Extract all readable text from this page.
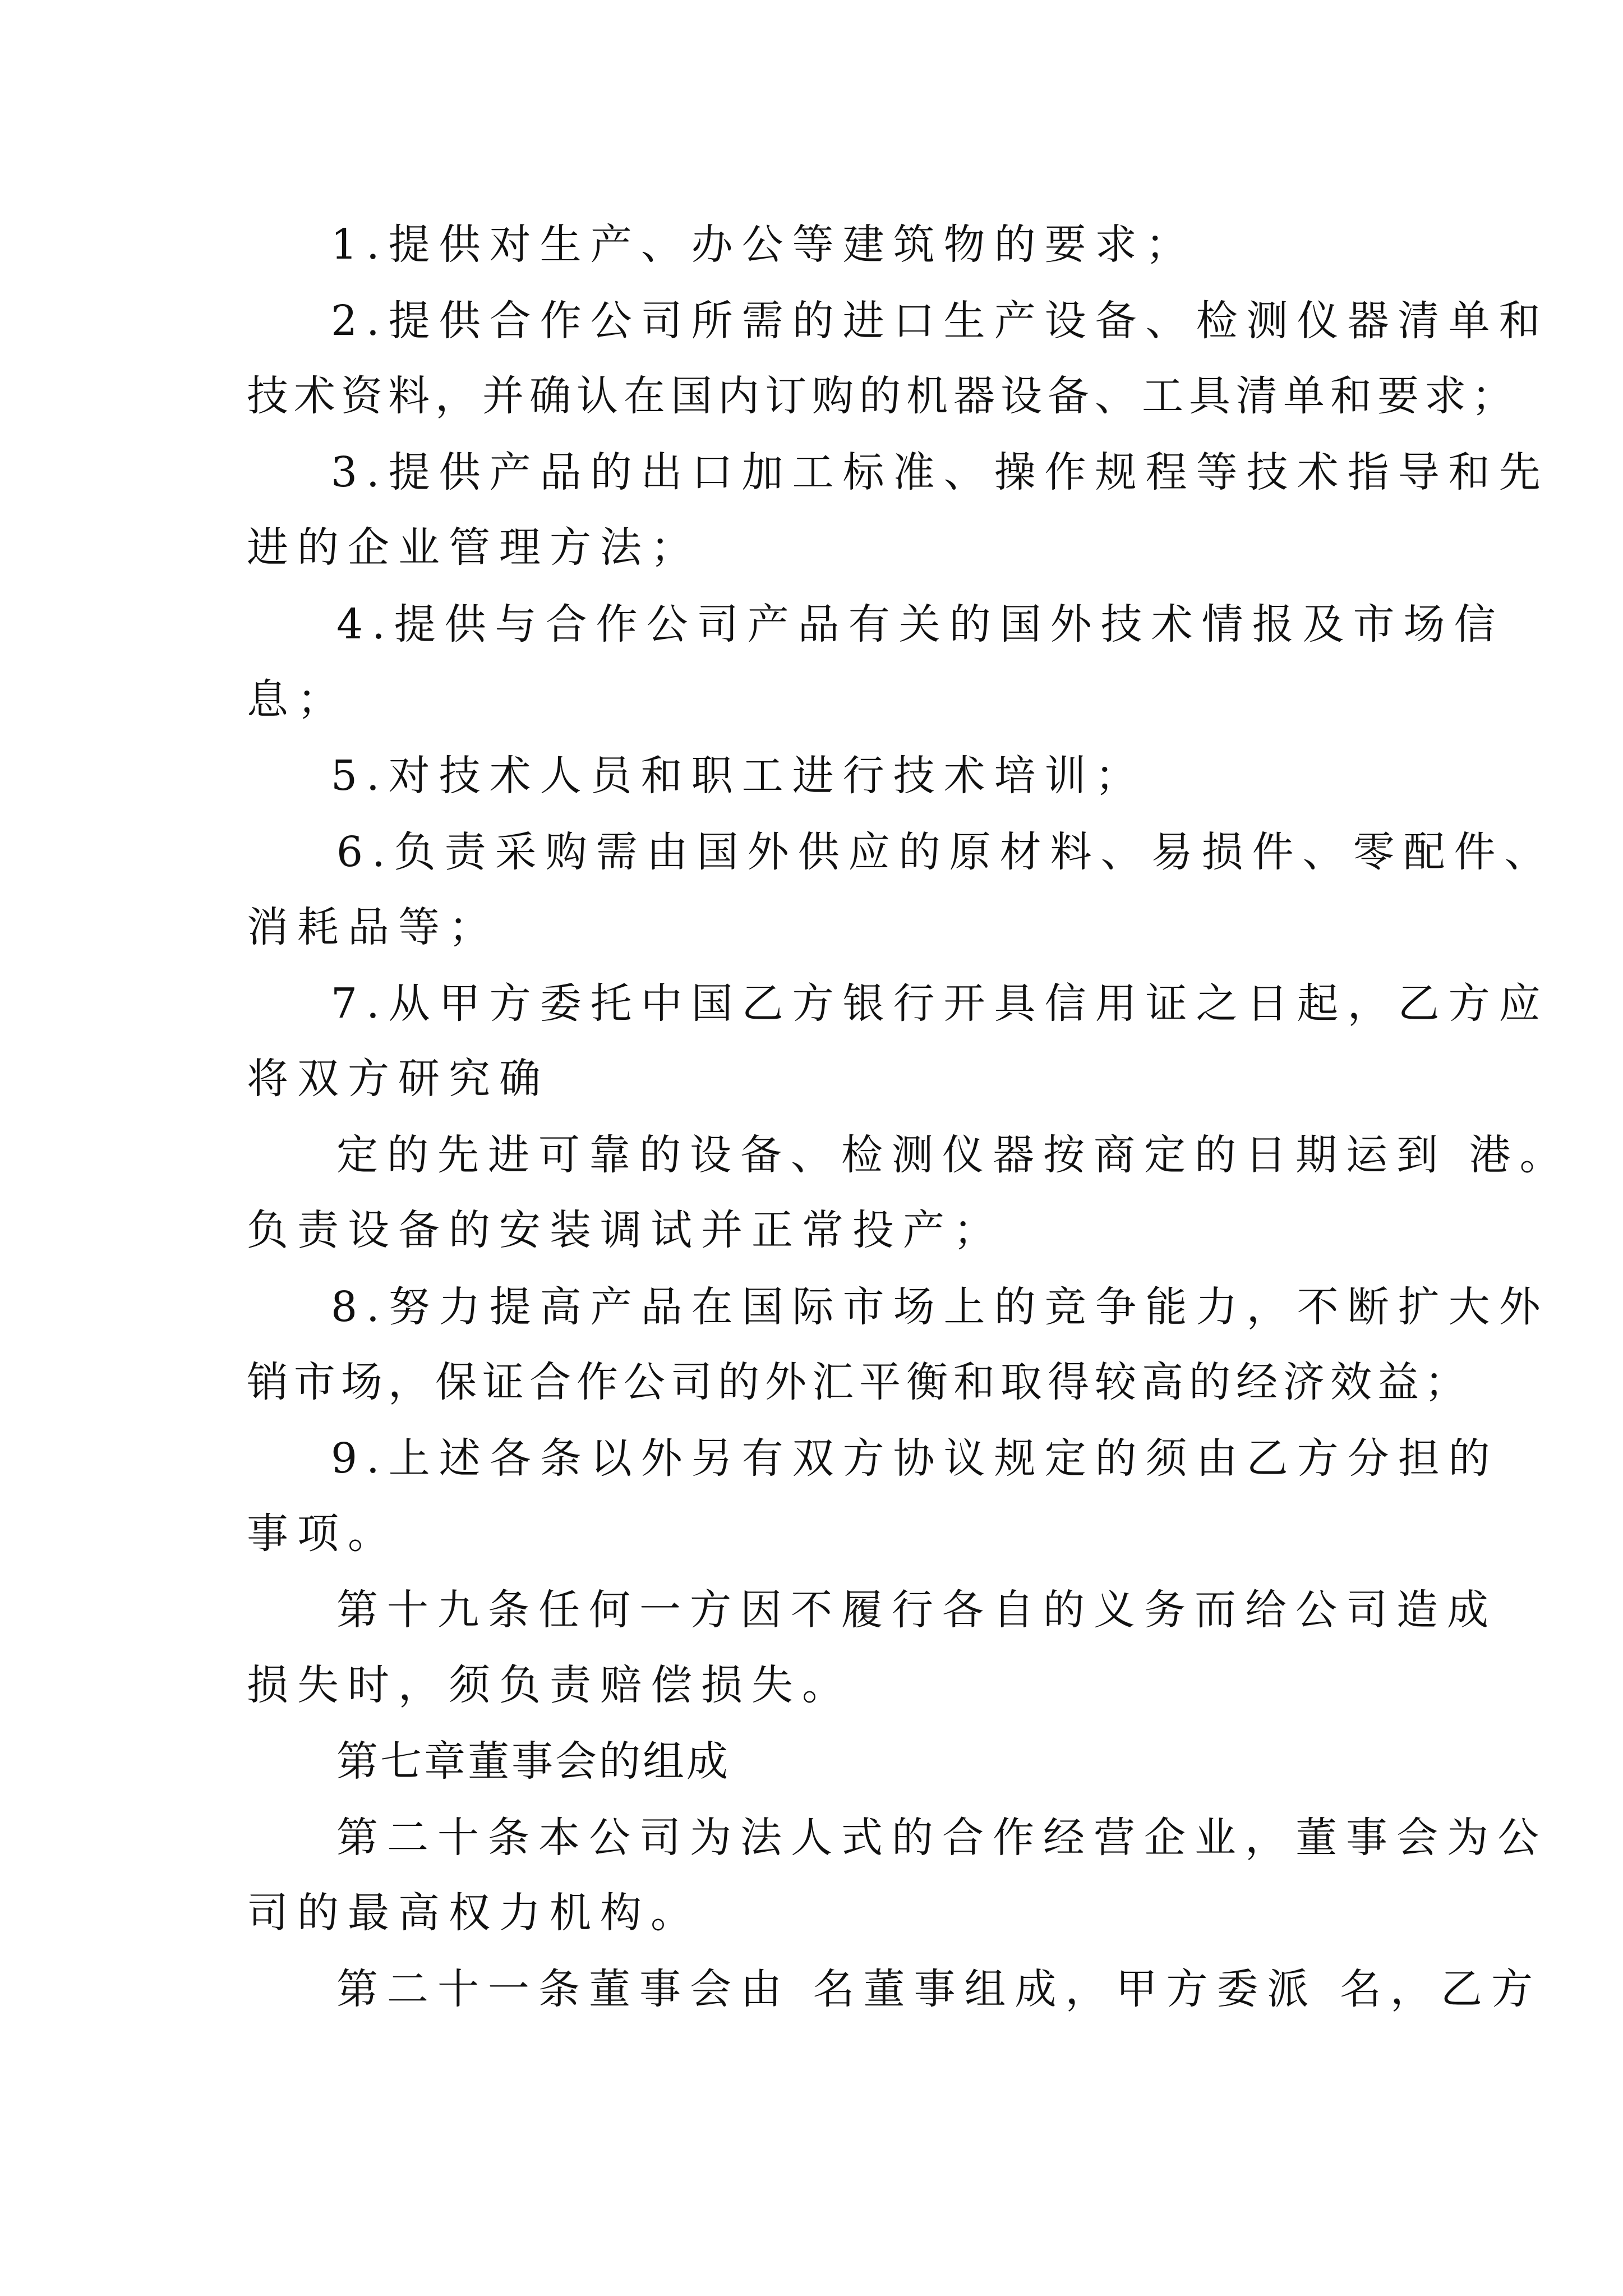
1.提供对生产、办公等建筑物的要求；
2.提供合作公司所需的进口生产设备、检测仪器清单和
技术资料，并确认在国内订购的机器设备、工具清单和要求；
3.提供产品的出口加工标准、操作规程等技术指导和先
进的企业管理方法；
4.提供与合作公司产品有关的国外技术情报及市场信
息；
5.对技术人员和职工进行技术培训；
6.负责采购需由国外供应的原材料、易损件、零配件、
消耗品等；
7.从甲方委托中国乙方银行开具信用证之日起，乙方应
将双方研究确
定的先进可靠的设备、检测仪器按商定的日期运到 港。
负责设备的安装调试并正常投产；
8.努力提高产品在国际市场上的竞争能力，不断扩大外
销市场，保证合作公司的外汇平衡和取得较高的经济效益；
9.上述各条以外另有双方协议规定的须由乙方分担的
事项。
第十九条任何一方因不履行各自的义务而给公司造成
损失时，须负责赔偿损失。
第七章董事会的组成
第二十条本公司为法人式的合作经营企业，董事会为公
司的最高权力机构。
第二十一条董事会由 名董事组成，甲方委派 名，乙方
